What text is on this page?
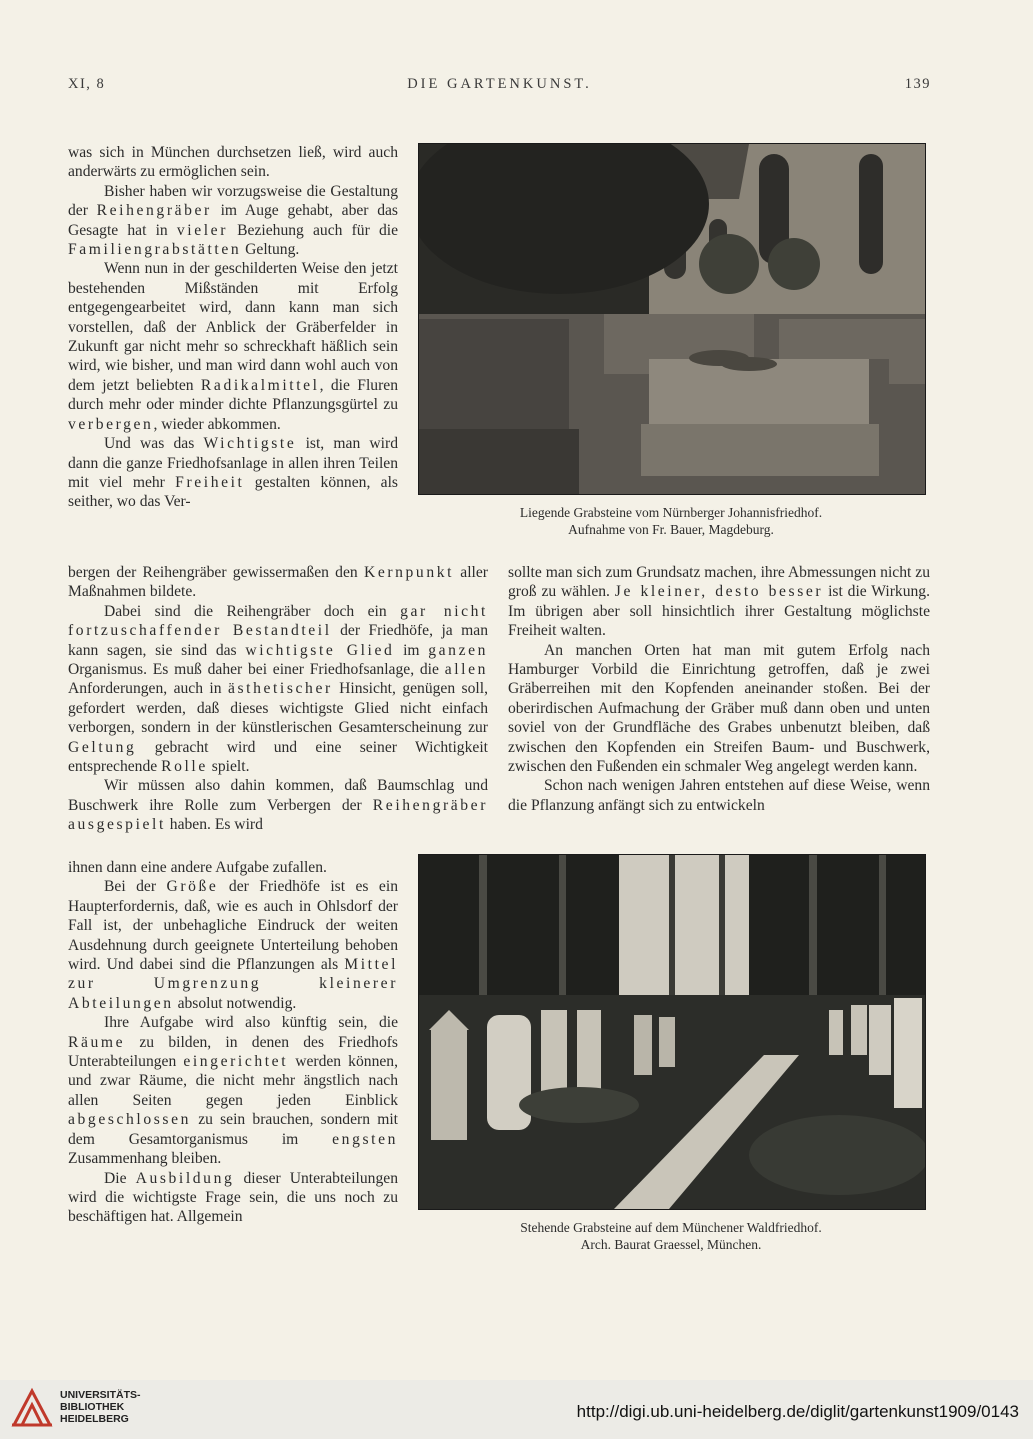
XI, 8	DIE GARTENKUNST.	139

was sich in München durchsetzen ließ, wird auch anderwärts zu ermöglichen sein.

Bisher haben wir vorzugsweise die Gestaltung der Reihengräber im Auge gehabt, aber das Gesagte hat in vieler Beziehung auch für die Familiengrabstätten Geltung.

Wenn nun in der geschilderten Weise den jetzt bestehenden Mißständen mit Erfolg entgegengearbeitet wird, dann kann man sich vorstellen, daß der Anblick der Gräberfelder in Zukunft gar nicht mehr so schreckhaft häßlich sein wird, wie bisher, und man wird dann wohl auch von dem jetzt beliebten Radikalmittel, die Fluren durch mehr oder minder dichte Pflanzungsgürtel zu verbergen, wieder abkommen.

Und was das Wichtigste ist, man wird dann die ganze Friedhofsanlage in allen ihren Teilen mit viel mehr Freiheit gestalten können, als seither, wo das Ver-

bergen der Reihengräber gewissermaßen den Kernpunkt aller Maßnahmen bildete.

Dabei sind die Reihengräber doch ein gar nicht fortzuschaffender Bestandteil der Friedhöfe, ja man kann sagen, sie sind das wichtigste Glied im ganzen Organismus. Es muß daher bei einer Friedhofsanlage, die allen Anforderungen, auch in ästhetischer Hinsicht, genügen soll, gefordert werden, daß dieses wichtigste Glied nicht einfach verborgen, sondern in der künstlerischen Gesamterscheinung zur Geltung gebracht wird und eine seiner Wichtigkeit entsprechende Rolle spielt.

Wir müssen also dahin kommen, daß Baumschlag und Buschwerk ihre Rolle zum Verbergen der Reihengräber ausgespielt haben. Es wird

ihnen dann eine andere Aufgabe zufallen.

Bei der Größe der Friedhöfe ist es ein Haupterfordernis, daß, wie es auch in Ohlsdorf der Fall ist, der unbehagliche Eindruck der weiten Ausdehnung durch geeignete Unterteilung behoben wird. Und dabei sind die Pflanzungen als Mittel zur Umgrenzung kleinerer Abteilungen absolut notwendig.

Ihre Aufgabe wird also künftig sein, die Räume zu bilden, in denen des Friedhofs Unterabteilungen eingerichtet werden können, und zwar Räume, die nicht mehr ängstlich nach allen Seiten gegen jeden Einblick abgeschlossen zu sein brauchen, sondern mit dem Gesamtorganismus im engsten Zusammenhang bleiben.

Die Ausbildung dieser Unterabteilungen wird die wichtigste Frage sein, die uns noch zu beschäftigen hat. Allgemein

sollte man sich zum Grundsatz machen, ihre Abmessungen nicht zu groß zu wählen. Je kleiner, desto besser ist die Wirkung. Im übrigen aber soll hinsichtlich ihrer Gestaltung möglichste Freiheit walten.

An manchen Orten hat man mit gutem Erfolg nach Hamburger Vorbild die Einrichtung getroffen, daß je zwei Gräberreihen mit den Kopfenden aneinander stoßen. Bei der oberirdischen Aufmachung der Gräber muß dann oben und unten soviel von der Grundfläche des Grabes unbenutzt bleiben, daß zwischen den Kopfenden ein Streifen Baum- und Buschwerk, zwischen den Fußenden ein schmaler Weg angelegt werden kann.

Schon nach wenigen Jahren entstehen auf diese Weise, wenn die Pflanzung anfängt sich zu entwickeln

Liegende Grabsteine vom Nürnberger Johannisfriedhof.
Aufnahme von Fr. Bauer, Magdeburg.
Stehende Grabsteine auf dem Münchener Waldfriedhof.
Arch. Baurat Graessel, München.
UNIVERSITÄTS-
BIBLIOTHEK
HEIDELBERG	http://digi.ub.uni-heidelberg.de/diglit/gartenkunst1909/0143
